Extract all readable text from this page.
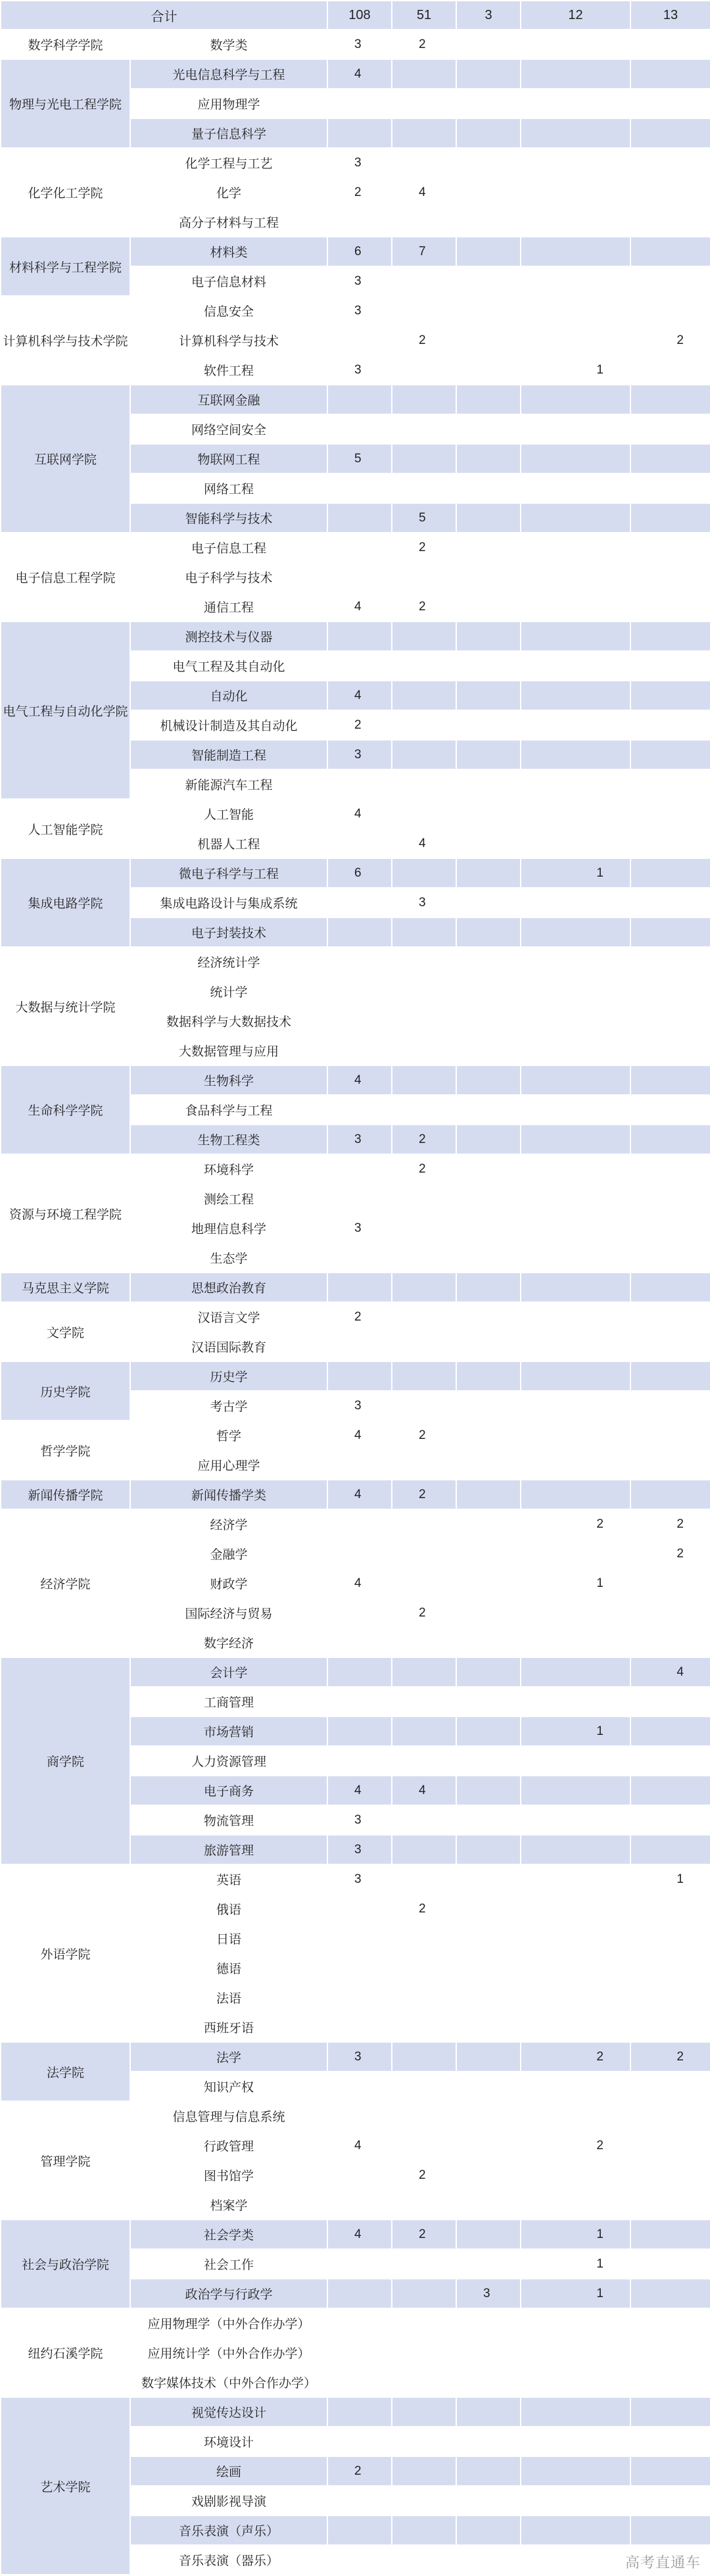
合计		108	51	3	12	13
数学科学学院	数学类	3	2			
物理与光电工程学院	光电信息科学与工程	4				
	应用物理学					
	量子信息科学					
化学化工学院	化学工程与工艺	3				
	化学	2	4			
	高分子材料与工程					
材料科学与工程学院	材料类	6	7			
	电子信息材料	3				
计算机科学与技术学院	信息安全	3				
	计算机科学与技术		2			2
	软件工程	3			1	
互联网学院	互联网金融					
	网络空间安全					
	物联网工程	5				
	网络工程					
	智能科学与技术		5			
电子信息工程学院	电子信息工程		2			
	电子科学与技术					
	通信工程	4	2			
电气工程与自动化学院	测控技术与仪器					
	电气工程及其自动化					
	自动化	4				
	机械设计制造及其自动化	2				
	智能制造工程	3				
	新能源汽车工程					
人工智能学院	人工智能	4				
	机器人工程		4			
集成电路学院	微电子科学与工程	6			1	
	集成电路设计与集成系统		3			
	电子封装技术					
大数据与统计学院	经济统计学					
	统计学					
	数据科学与大数据技术					
	大数据管理与应用					
生命科学学院	生物科学	4				
	食品科学与工程					
	生物工程类	3	2			
资源与环境工程学院	环境科学		2			
	测绘工程					
	地理信息科学	3				
	生态学					
马克思主义学院	思想政治教育					
文学院	汉语言文学	2				
	汉语国际教育					
历史学院	历史学					
	考古学	3				
哲学学院	哲学	4	2			
	应用心理学					
新闻传播学院	新闻传播学类	4	2			
经济学院	经济学				2	2
	金融学					2
	财政学	4			1	
	国际经济与贸易		2			
	数字经济					
商学院	会计学					4
	工商管理					
	市场营销				1	
	人力资源管理					
	电子商务	4	4			
	物流管理	3				
	旅游管理	3				
外语学院	英语	3				1
	俄语		2			
	日语					
	德语					
	法语					
	西班牙语					
法学院	法学	3			2	2
	知识产权					
管理学院	信息管理与信息系统					
	行政管理	4			2	
	图书馆学		2			
	档案学					
社会与政治学院	社会学类	4	2		1	
	社会工作				1	
	政治学与行政学			3	1	
纽约石溪学院	应用物理学（中外合作办学）					
	应用统计学（中外合作办学）					
	数字媒体技术（中外合作办学）					
艺术学院	视觉传达设计					
	环境设计					
	绘画	2				
	戏剧影视导演					
	音乐表演（声乐）					
	音乐表演（器乐）						高考直通车
